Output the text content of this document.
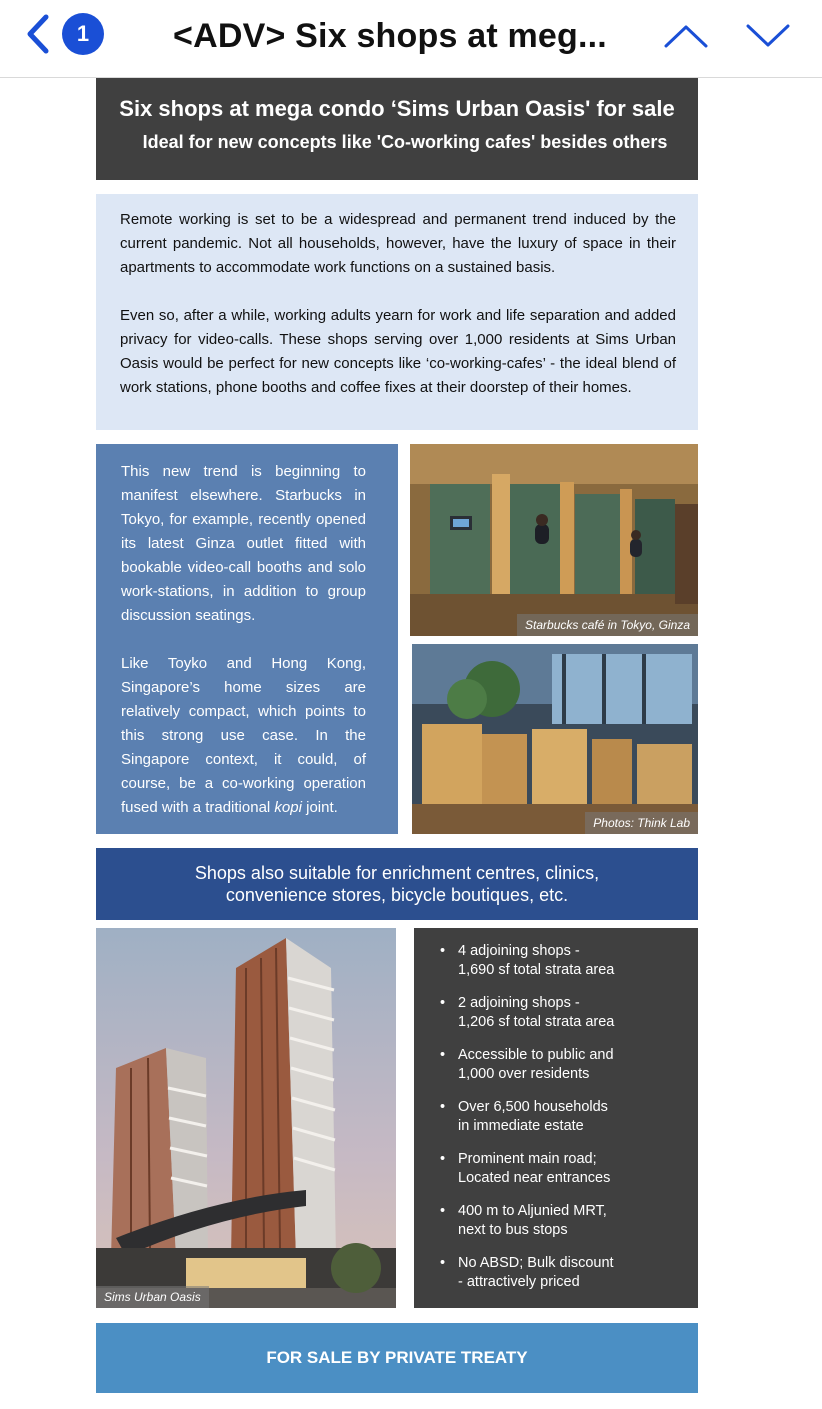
1	<ADV> Six shops at meg...
Six shops at mega condo ‘Sims Urban Oasis' for sale
Ideal for new concepts like 'Co-working cafes' besides others

Remote working is set to be a widespread and permanent trend induced by the current pandemic. Not all households, however, have the luxury of space in their apartments to accommodate work functions on a sustained basis.

Even so, after a while, working adults yearn for work and life separation and added privacy for video-calls. These shops serving over 1,000 residents at Sims Urban Oasis would be perfect for new concepts like ‘co-working-cafes’ - the ideal blend of work stations, phone booths and coffee fixes at their doorstep of their homes.

This new trend is beginning to manifest elsewhere. Starbucks in Tokyo, for example, recently opened its latest Ginza outlet fitted with bookable video-call booths and solo work-stations, in addition to group discussion seatings.

Like Toyko and Hong Kong, Singapore’s home sizes are relatively compact, which points to this strong use case. In the Singapore context, it could, of course, be a co-working operation fused with a traditional kopi joint.

Starbucks café in Tokyo, Ginza
Photos: Think Lab
Shops also suitable for enrichment centres, clinics,
convenience stores, bicycle boutiques, etc.
Sims Urban Oasis
• 4 adjoining shops -
1,690 sf total strata area
• 2 adjoining shops -
1,206 sf total strata area
• Accessible to public and
1,000 over residents
• Over 6,500 households
in immediate estate
• Prominent main road;
Located near entrances
• 400 m to Aljunied MRT,
next to bus stops
• No ABSD; Bulk discount
- attractively priced
FOR SALE BY PRIVATE TREATY
